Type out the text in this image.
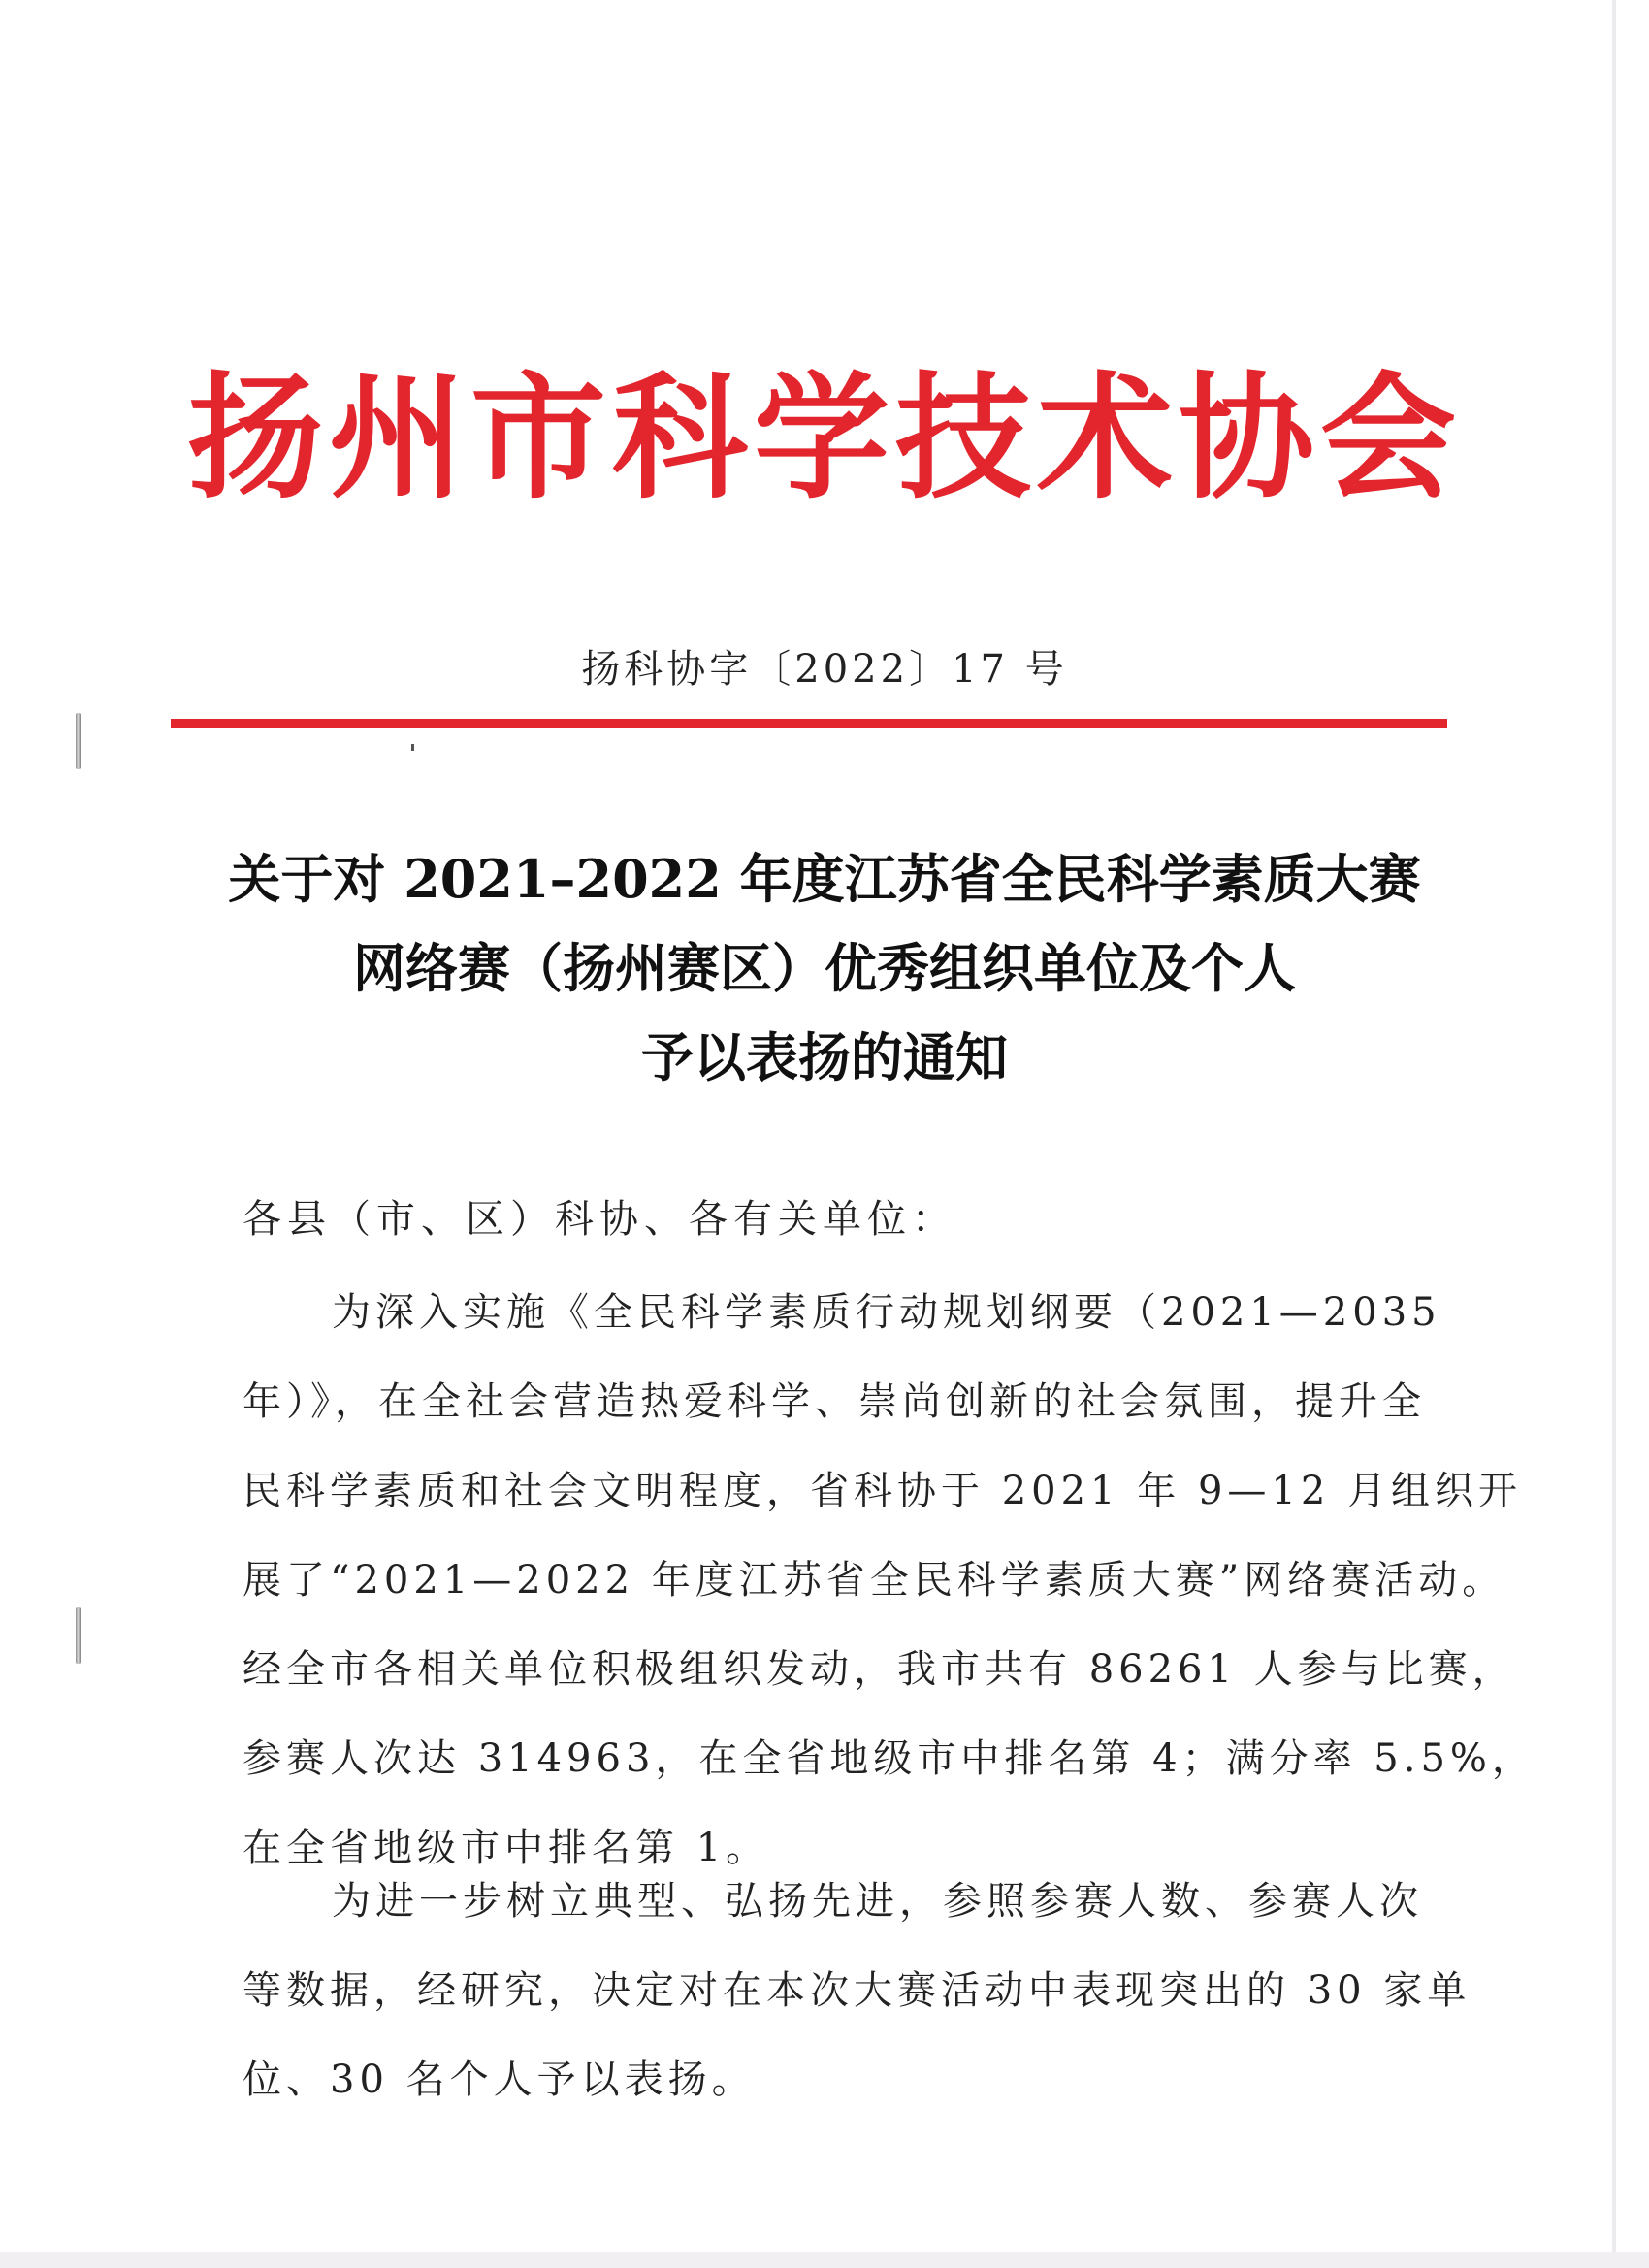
扬州市科学技术协会
扬科协字〔2022〕17 号
关于对 2021–2022 年度江苏省全民科学素质大赛
网络赛（扬州赛区）优秀组织单位及个人
予以表扬的通知
各县（市、区）科协、各有关单位：
为深入实施《全民科学素质行动规划纲要（2021—2035
年）》，在全社会营造热爱科学、崇尚创新的社会氛围，提升全
民科学素质和社会文明程度，省科协于 2021 年 9—12 月组织开
展了“2021—2022 年度江苏省全民科学素质大赛”网络赛活动。
经全市各相关单位积极组织发动，我市共有 86261 人参与比赛，
参赛人次达 314963，在全省地级市中排名第 4；满分率 5.5%，
在全省地级市中排名第 1。
为进一步树立典型、弘扬先进，参照参赛人数、参赛人次
等数据，经研究，决定对在本次大赛活动中表现突出的 30 家单
位、30 名个人予以表扬。
